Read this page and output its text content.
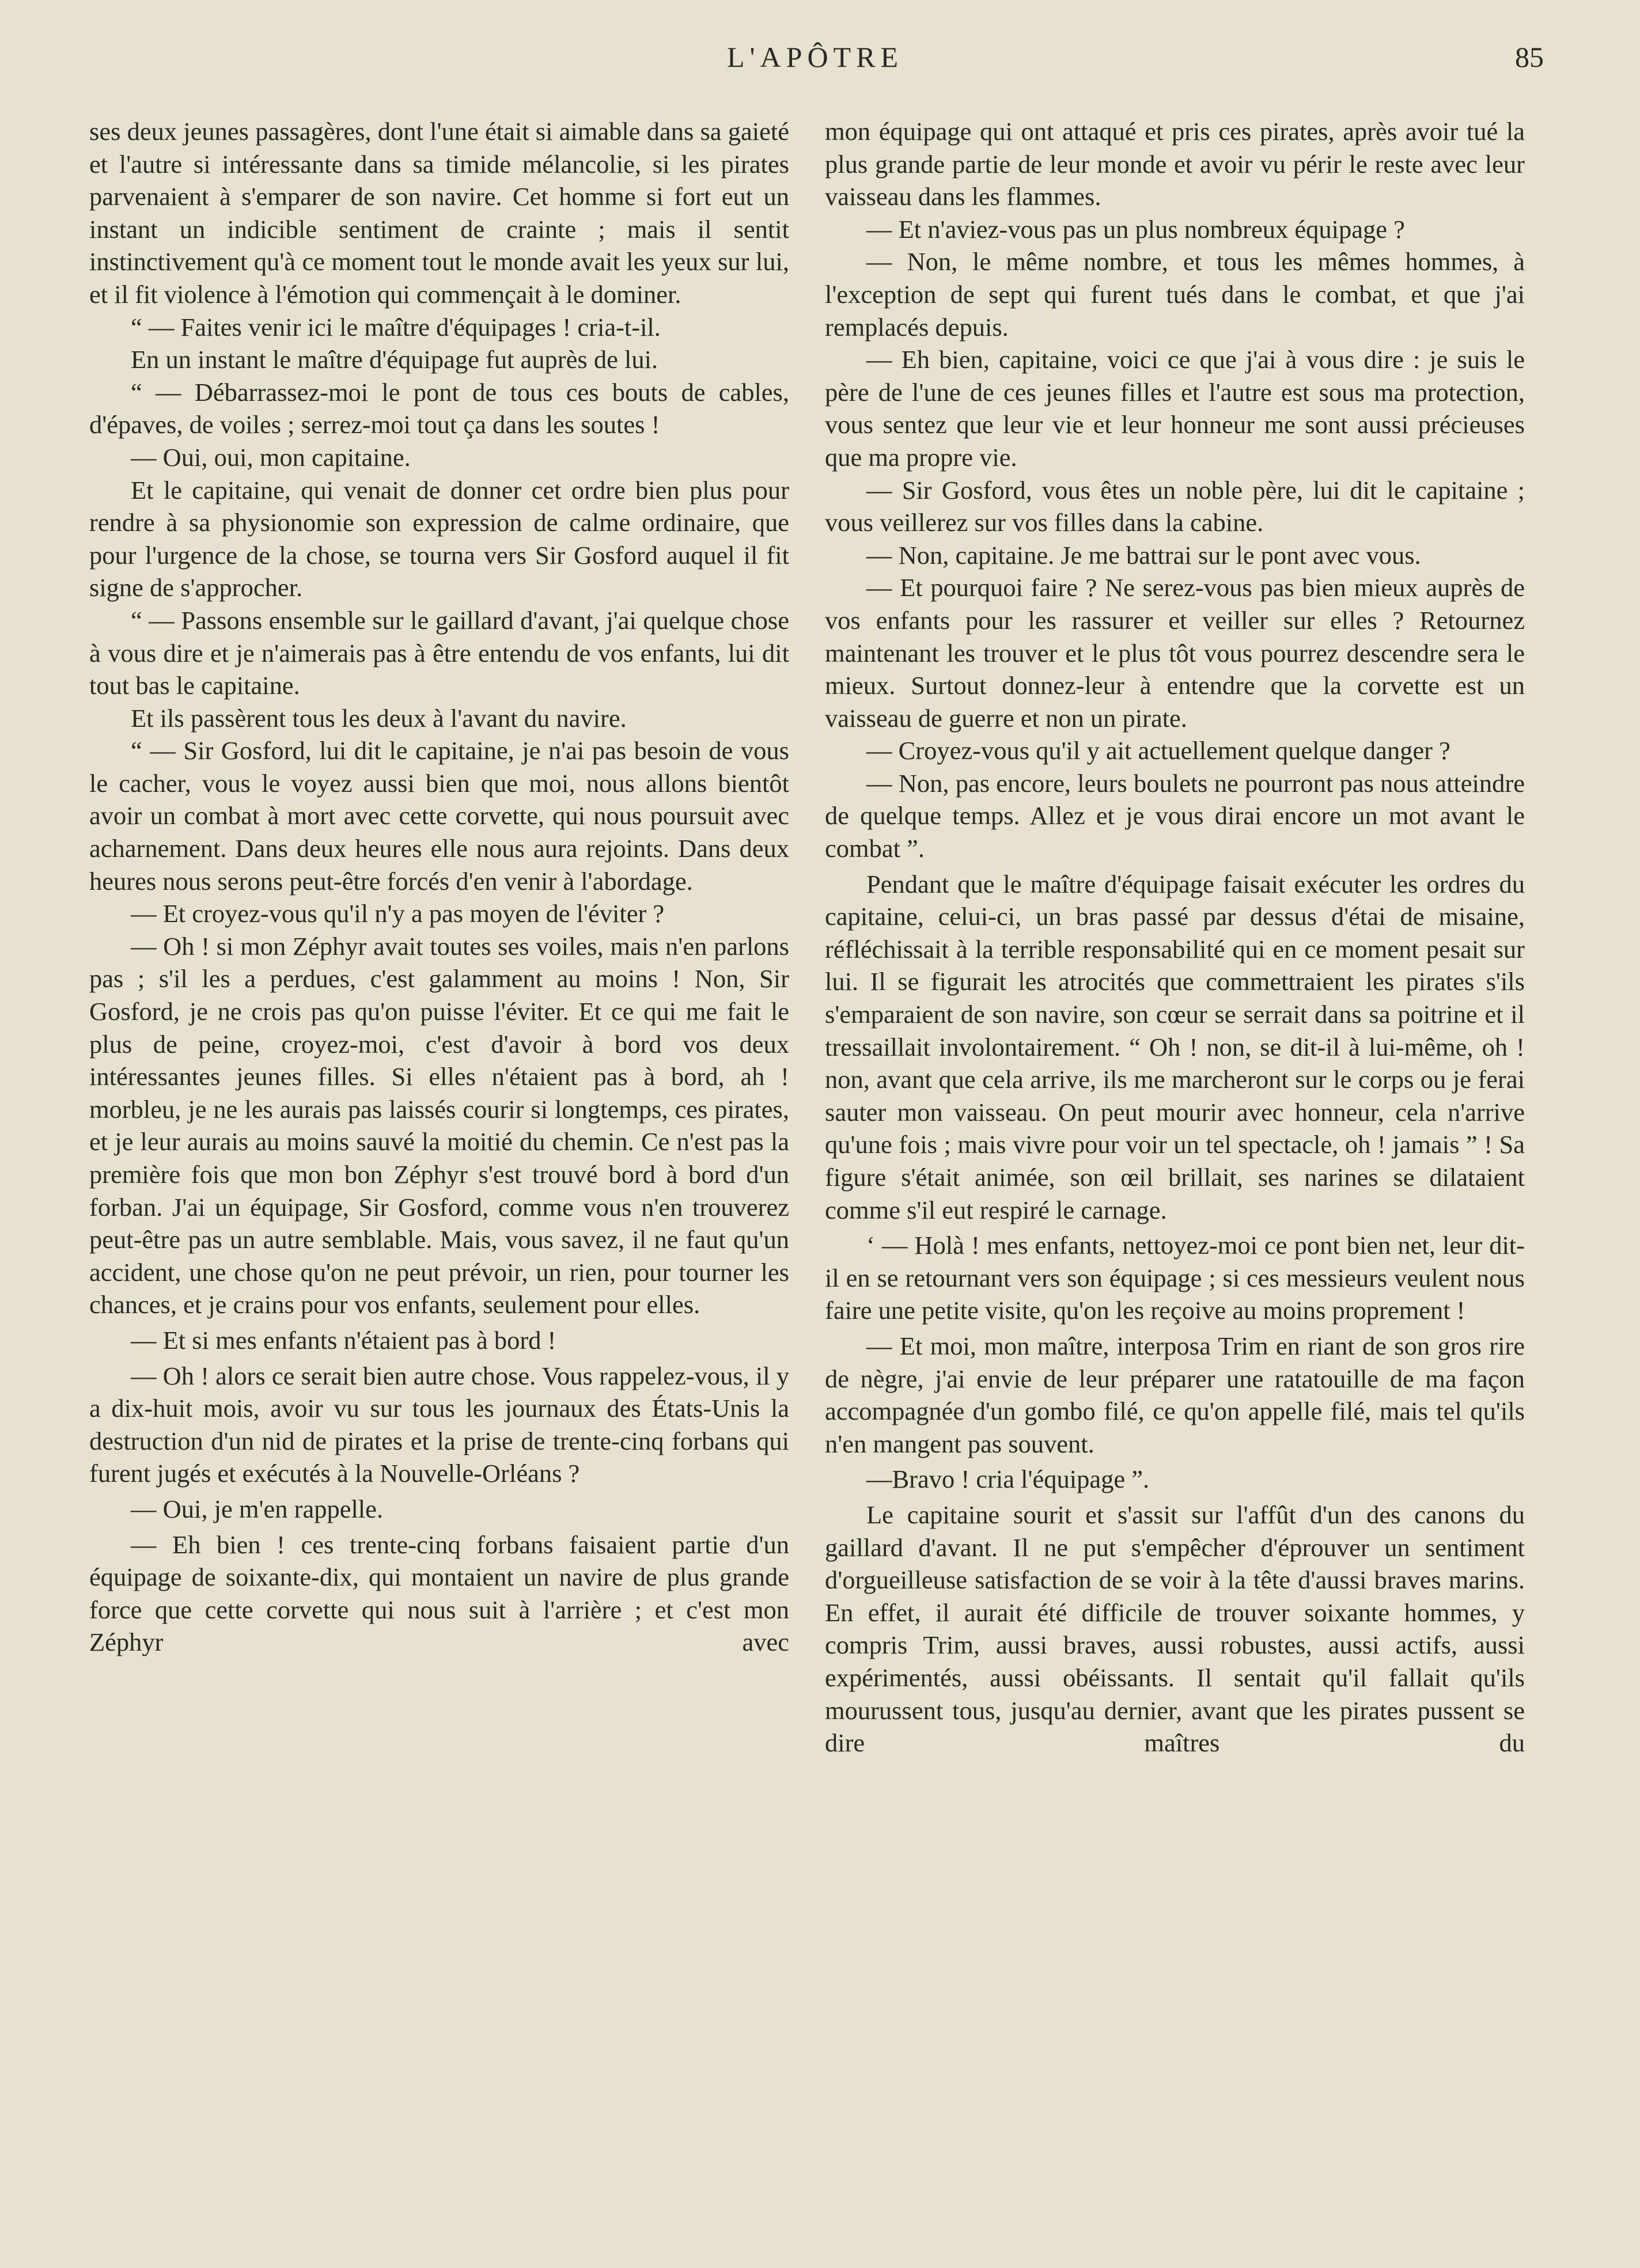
L'APÔTRE	85

ses deux jeunes passagères, dont l'une était si aimable dans sa gaieté et l'autre si intéressante dans sa timide mélancolie, si les pirates parvenaient à s'emparer de son navire. Cet homme si fort eut un instant un indicible sentiment de crainte ; mais il sentit instinctivement qu'à ce moment tout le monde avait les yeux sur lui, et il fit violence à l'émotion qui commençait à le dominer.

“ — Faites venir ici le maître d'équipages ! cria-t-il.

En un instant le maître d'équipage fut auprès de lui.

“ — Débarrassez-moi le pont de tous ces bouts de cables, d'épaves, de voiles ; serrez-moi tout ça dans les soutes !

— Oui, oui, mon capitaine.

Et le capitaine, qui venait de donner cet ordre bien plus pour rendre à sa physionomie son expression de calme ordinaire, que pour l'urgence de la chose, se tourna vers Sir Gosford auquel il fit signe de s'approcher.

“ — Passons ensemble sur le gaillard d'avant, j'ai quelque chose à vous dire et je n'aimerais pas à être entendu de vos enfants, lui dit tout bas le capitaine.

Et ils passèrent tous les deux à l'avant du navire.

“ — Sir Gosford, lui dit le capitaine, je n'ai pas besoin de vous le cacher, vous le voyez aussi bien que moi, nous allons bientôt avoir un combat à mort avec cette corvette, qui nous poursuit avec acharnement. Dans deux heures elle nous aura rejoints. Dans deux heures nous serons peut-être forcés d'en venir à l'abordage.

— Et croyez-vous qu'il n'y a pas moyen de l'éviter ?

— Oh ! si mon Zéphyr avait toutes ses voiles, mais n'en parlons pas ; s'il les a perdues, c'est galamment au moins ! Non, Sir Gosford, je ne crois pas qu'on puisse l'éviter. Et ce qui me fait le plus de peine, croyez-moi, c'est d'avoir à bord vos deux intéressantes jeunes filles. Si elles n'étaient pas à bord, ah ! morbleu, je ne les aurais pas laissés courir si longtemps, ces pirates, et je leur aurais au moins sauvé la moitié du chemin. Ce n'est pas la première fois que mon bon Zéphyr s'est trouvé bord à bord d'un forban. J'ai un équipage, Sir Gosford, comme vous n'en trouverez peut-être pas un autre semblable. Mais, vous savez, il ne faut qu'un accident, une chose qu'on ne peut prévoir, un rien, pour tourner les chances, et je crains pour vos enfants, seulement pour elles.

— Et si mes enfants n'étaient pas à bord !

— Oh ! alors ce serait bien autre chose. Vous rappelez-vous, il y a dix-huit mois, avoir vu sur tous les journaux des États-Unis la destruction d'un nid de pirates et la prise de trente-cinq forbans qui furent jugés et exécutés à la Nouvelle-Orléans ?

— Oui, je m'en rappelle.

— Eh bien ! ces trente-cinq forbans faisaient partie d'un équipage de soixante-dix, qui montaient un navire de plus grande force que cette corvette qui nous suit à l'arrière ; et c'est mon Zéphyr avec

mon équipage qui ont attaqué et pris ces pirates, après avoir tué la plus grande partie de leur monde et avoir vu périr le reste avec leur vaisseau dans les flammes.

— Et n'aviez-vous pas un plus nombreux équipage ?

— Non, le même nombre, et tous les mêmes hommes, à l'exception de sept qui furent tués dans le combat, et que j'ai remplacés depuis.

— Eh bien, capitaine, voici ce que j'ai à vous dire : je suis le père de l'une de ces jeunes filles et l'autre est sous ma protection, vous sentez que leur vie et leur honneur me sont aussi précieuses que ma propre vie.

— Sir Gosford, vous êtes un noble père, lui dit le capitaine ; vous veillerez sur vos filles dans la cabine.

— Non, capitaine. Je me battrai sur le pont avec vous.

— Et pourquoi faire ? Ne serez-vous pas bien mieux auprès de vos enfants pour les rassurer et veiller sur elles ? Retournez maintenant les trouver et le plus tôt vous pourrez descendre sera le mieux. Surtout donnez-leur à entendre que la corvette est un vaisseau de guerre et non un pirate.

— Croyez-vous qu'il y ait actuellement quelque danger ?

— Non, pas encore, leurs boulets ne pourront pas nous atteindre de quelque temps. Allez et je vous dirai encore un mot avant le combat ”.

Pendant que le maître d'équipage faisait exécuter les ordres du capitaine, celui-ci, un bras passé par dessus d'étai de misaine, réfléchissait à la terrible responsabilité qui en ce moment pesait sur lui. Il se figurait les atrocités que commettraient les pirates s'ils s'emparaient de son navire, son cœur se serrait dans sa poitrine et il tressaillait involontairement. “ Oh ! non, se dit-il à lui-même, oh ! non, avant que cela arrive, ils me marcheront sur le corps ou je ferai sauter mon vaisseau. On peut mourir avec honneur, cela n'arrive qu'une fois ; mais vivre pour voir un tel spectacle, oh ! jamais ” ! Sa figure s'était animée, son œil brillait, ses narines se dilataient comme s'il eut respiré le carnage.

‘ — Holà ! mes enfants, nettoyez-moi ce pont bien net, leur dit-il en se retournant vers son équipage ; si ces messieurs veulent nous faire une petite visite, qu'on les reçoive au moins proprement !

— Et moi, mon maître, interposa Trim en riant de son gros rire de nègre, j'ai envie de leur préparer une ratatouille de ma façon accompagnée d'un gombo filé, ce qu'on appelle filé, mais tel qu'ils n'en mangent pas souvent.

—Bravo ! cria l'équipage ”.

Le capitaine sourit et s'assit sur l'affût d'un des canons du gaillard d'avant. Il ne put s'empêcher d'éprouver un sentiment d'orgueilleuse satisfaction de se voir à la tête d'aussi braves marins. En effet, il aurait été difficile de trouver soixante hommes, y compris Trim, aussi braves, aussi robustes, aussi actifs, aussi expérimentés, aussi obéissants. Il sentait qu'il fallait qu'ils mourussent tous, jusqu'au dernier, avant que les pirates pussent se dire maîtres du
